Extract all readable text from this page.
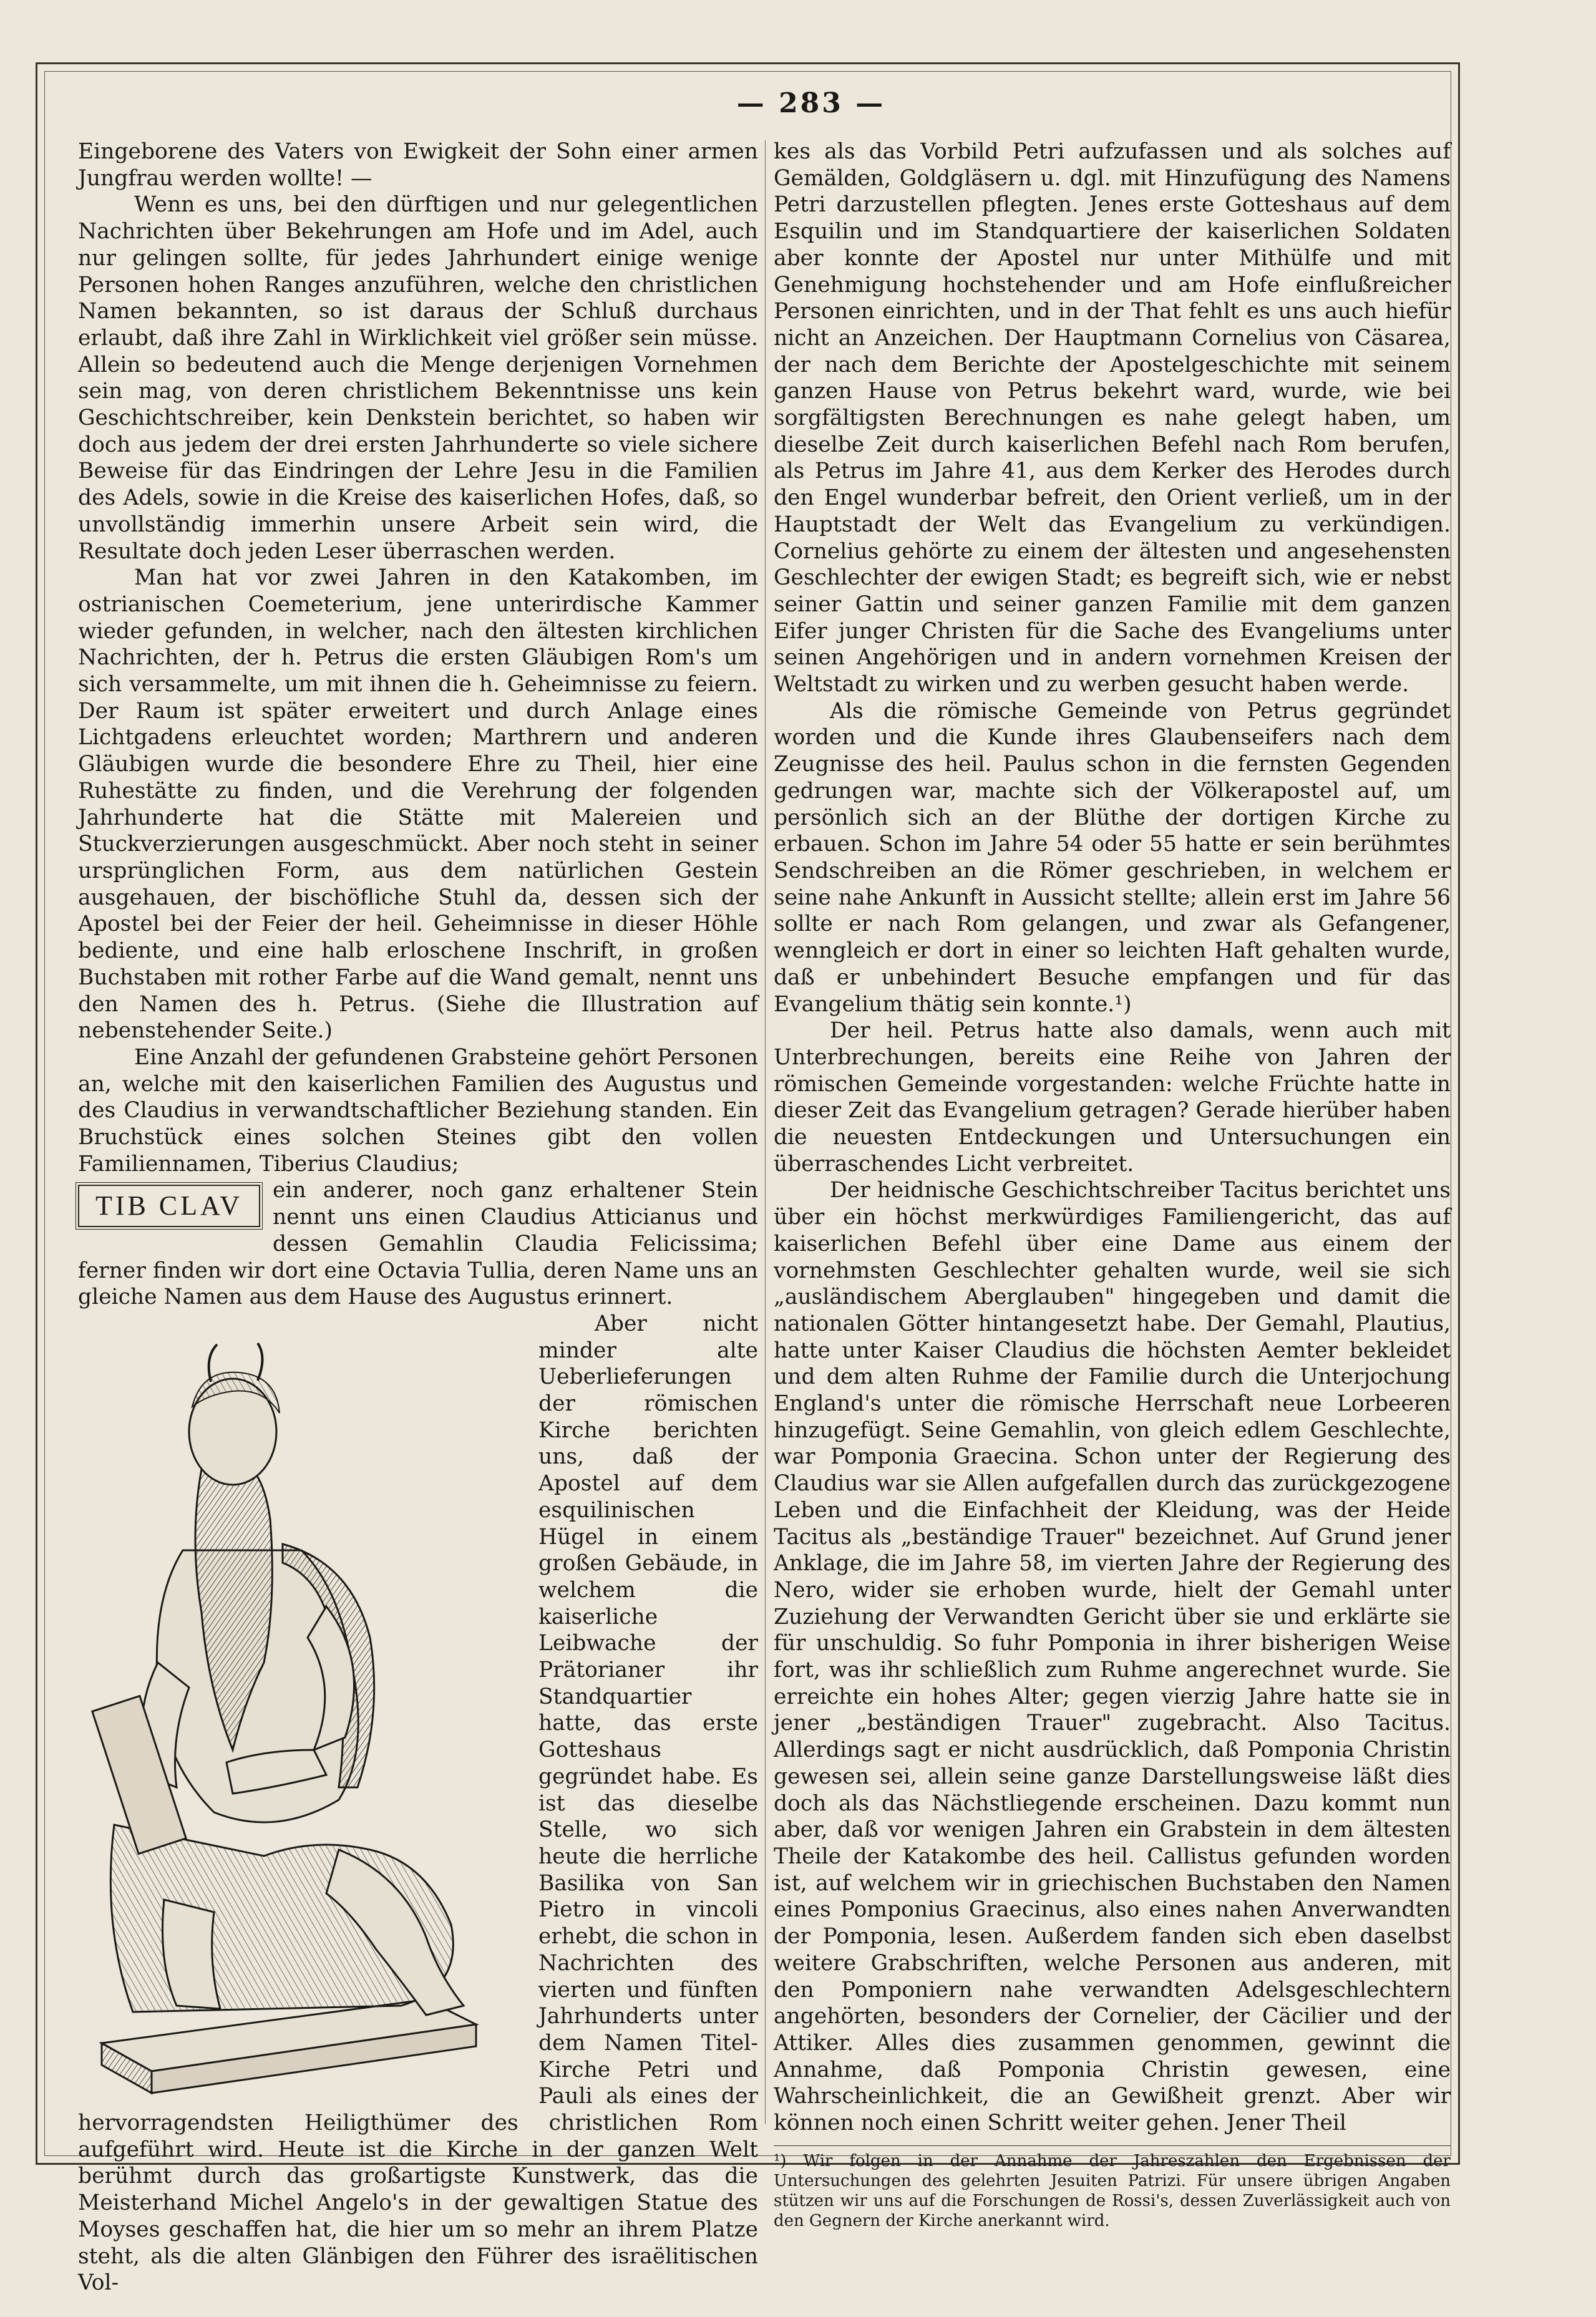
— 283 —

Eingeborene des Vaters von Ewigkeit der Sohn einer armen Jungfrau werden wollte! —

Wenn es uns, bei den dürftigen und nur gelegentlichen Nachrichten über Bekehrungen am Hofe und im Adel, auch nur gelingen sollte, für jedes Jahrhundert einige wenige Personen hohen Ranges anzuführen, welche den christlichen Namen bekannten, so ist daraus der Schluß durchaus erlaubt, daß ihre Zahl in Wirklichkeit viel größer sein müsse. Allein so bedeutend auch die Menge derjenigen Vornehmen sein mag, von deren christlichem Bekenntnisse uns kein Geschichtschreiber, kein Denkstein berichtet, so haben wir doch aus jedem der drei ersten Jahrhunderte so viele sichere Beweise für das Eindringen der Lehre Jesu in die Familien des Adels, sowie in die Kreise des kaiserlichen Hofes, daß, so unvollständig immerhin unsere Arbeit sein wird, die Resultate doch jeden Leser überraschen werden.

Man hat vor zwei Jahren in den Katakomben, im ostrianischen Coemeterium, jene unterirdische Kammer wieder gefunden, in welcher, nach den ältesten kirchlichen Nachrichten, der h. Petrus die ersten Gläubigen Rom's um sich versammelte, um mit ihnen die h. Geheimnisse zu feiern. Der Raum ist später erweitert und durch Anlage eines Lichtgadens erleuchtet worden; Marthrern und anderen Gläubigen wurde die besondere Ehre zu Theil, hier eine Ruhestätte zu finden, und die Verehrung der folgenden Jahrhunderte hat die Stätte mit Malereien und Stuckverzierungen ausgeschmückt. Aber noch steht in seiner ursprünglichen Form, aus dem natürlichen Gestein ausgehauen, der bischöfliche Stuhl da, dessen sich der Apostel bei der Feier der heil. Geheimnisse in dieser Höhle bediente, und eine halb erloschene Inschrift, in großen Buchstaben mit rother Farbe auf die Wand gemalt, nennt uns den Namen des h. Petrus. (Siehe die Illustration auf nebenstehender Seite.)

Eine Anzahl der gefundenen Grabsteine gehört Personen an, welche mit den kaiserlichen Familien des Augustus und des Claudius in verwandtschaftlicher Beziehung standen. Ein Bruchstück eines solchen Steines gibt den vollen Familiennamen, Tiberius Claudius;

TIB CLAV	ein anderer, noch ganz erhaltener Stein nennt uns einen Claudius Atticianus und dessen Gemahlin Claudia Felicissima; ferner finden wir dort eine Octavia Tullia, deren Name uns an gleiche Namen aus dem Hause des Augustus erinnert.

Aber nicht minder alte Ueberlieferungen der römischen Kirche berichten uns, daß der Apostel auf dem esquilinischen Hügel in einem großen Gebäude, in welchem die kaiserliche Leibwache der Prätorianer ihr Standquartier hatte, das erste Gotteshaus gegründet habe. Es ist das dieselbe Stelle, wo sich heute die herrliche Basilika von San Pietro in vincoli erhebt, die schon in Nachrichten des vierten und fünften Jahrhunderts unter dem Namen Titel-Kirche Petri und Pauli als eines der hervorragendsten Heiligthümer des christlichen Rom aufgeführt wird. Heute ist die Kirche in der ganzen Welt berühmt durch das großartigste Kunstwerk, das die Meisterhand Michel Angelo's in der gewaltigen Statue des Moyses geschaffen hat, die hier um so mehr an ihrem Platze steht, als die alten Glänbigen den Führer des israëlitischen Vol-

kes als das Vorbild Petri aufzufassen und als solches auf Gemälden, Goldgläsern u. dgl. mit Hinzufügung des Namens Petri darzustellen pflegten. Jenes erste Gotteshaus auf dem Esquilin und im Standquartiere der kaiserlichen Soldaten aber konnte der Apostel nur unter Mithülfe und mit Genehmigung hochstehender und am Hofe einflußreicher Personen einrichten, und in der That fehlt es uns auch hiefür nicht an Anzeichen. Der Hauptmann Cornelius von Cäsarea, der nach dem Berichte der Apostelgeschichte mit seinem ganzen Hause von Petrus bekehrt ward, wurde, wie bei sorgfältigsten Berechnungen es nahe gelegt haben, um dieselbe Zeit durch kaiserlichen Befehl nach Rom berufen, als Petrus im Jahre 41, aus dem Kerker des Herodes durch den Engel wunderbar befreit, den Orient verließ, um in der Hauptstadt der Welt das Evangelium zu verkündigen. Cornelius gehörte zu einem der ältesten und angesehensten Geschlechter der ewigen Stadt; es begreift sich, wie er nebst seiner Gattin und seiner ganzen Familie mit dem ganzen Eifer junger Christen für die Sache des Evangeliums unter seinen Angehörigen und in andern vornehmen Kreisen der Weltstadt zu wirken und zu werben gesucht haben werde.

Als die römische Gemeinde von Petrus gegründet worden und die Kunde ihres Glaubenseifers nach dem Zeugnisse des heil. Paulus schon in die fernsten Gegenden gedrungen war, machte sich der Völkerapostel auf, um persönlich sich an der Blüthe der dortigen Kirche zu erbauen. Schon im Jahre 54 oder 55 hatte er sein berühmtes Sendschreiben an die Römer geschrieben, in welchem er seine nahe Ankunft in Aussicht stellte; allein erst im Jahre 56 sollte er nach Rom gelangen, und zwar als Gefangener, wenngleich er dort in einer so leichten Haft gehalten wurde, daß er unbehindert Besuche empfangen und für das Evangelium thätig sein konnte.¹)

Der heil. Petrus hatte also damals, wenn auch mit Unterbrechungen, bereits eine Reihe von Jahren der römischen Gemeinde vorgestanden: welche Früchte hatte in dieser Zeit das Evangelium getragen? Gerade hierüber haben die neuesten Entdeckungen und Untersuchungen ein überraschendes Licht verbreitet.

Der heidnische Geschichtschreiber Tacitus berichtet uns über ein höchst merkwürdiges Familiengericht, das auf kaiserlichen Befehl über eine Dame aus einem der vornehmsten Geschlechter gehalten wurde, weil sie sich „ausländischem Aberglauben" hingegeben und damit die nationalen Götter hintangesetzt habe. Der Gemahl, Plautius, hatte unter Kaiser Claudius die höchsten Aemter bekleidet und dem alten Ruhme der Familie durch die Unterjochung England's unter die römische Herrschaft neue Lorbeeren hinzugefügt. Seine Gemahlin, von gleich edlem Geschlechte, war Pomponia Graecina. Schon unter der Regierung des Claudius war sie Allen aufgefallen durch das zurückgezogene Leben und die Einfachheit der Kleidung, was der Heide Tacitus als „beständige Trauer" bezeichnet. Auf Grund jener Anklage, die im Jahre 58, im vierten Jahre der Regierung des Nero, wider sie erhoben wurde, hielt der Gemahl unter Zuziehung der Verwandten Gericht über sie und erklärte sie für unschuldig. So fuhr Pomponia in ihrer bisherigen Weise fort, was ihr schließlich zum Ruhme angerechnet wurde. Sie erreichte ein hohes Alter; gegen vierzig Jahre hatte sie in jener „beständigen Trauer" zugebracht. Also Tacitus. Allerdings sagt er nicht ausdrücklich, daß Pomponia Christin gewesen sei, allein seine ganze Darstellungsweise läßt dies doch als das Nächstliegende erscheinen. Dazu kommt nun aber, daß vor wenigen Jahren ein Grabstein in dem ältesten Theile der Katakombe des heil. Callistus gefunden worden ist, auf welchem wir in griechischen Buchstaben den Namen eines Pomponius Graecinus, also eines nahen Anverwandten der Pomponia, lesen. Außerdem fanden sich eben daselbst weitere Grabschriften, welche Personen aus anderen, mit den Pomponiern nahe verwandten Adelsgeschlechtern angehörten, besonders der Cornelier, der Cäcilier und der Attiker. Alles dies zusammen genommen, gewinnt die Annahme, daß Pomponia Christin gewesen, eine Wahrscheinlichkeit, die an Gewißheit grenzt. Aber wir können noch einen Schritt weiter gehen. Jener Theil

¹) Wir folgen in der Annahme der Jahreszahlen den Ergebnissen der Untersuchungen des gelehrten Jesuiten Patrizi. Für unsere übrigen Angaben stützen wir uns auf die Forschungen de Rossi's, dessen Zuverlässigkeit auch von den Gegnern der Kirche anerkannt wird.
